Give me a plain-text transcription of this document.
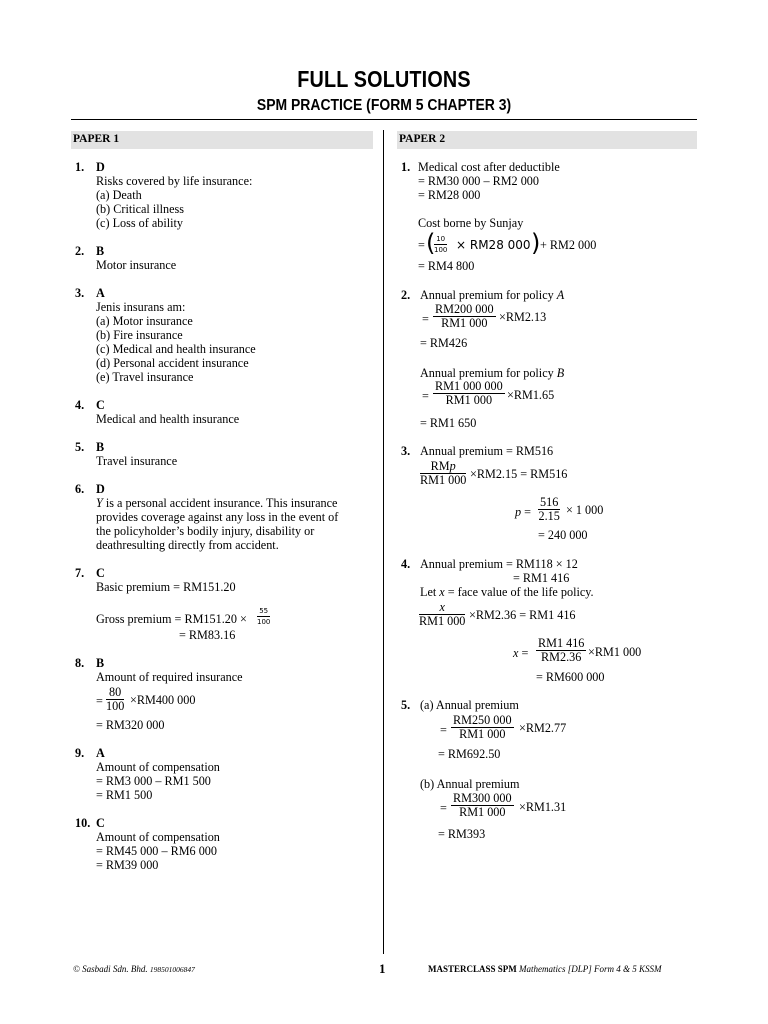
FULL SOLUTIONS
SPM PRACTICE (FORM 5 CHAPTER 3)
PAPER 1
1. D
Risks covered by life insurance:
(a) Death
(b) Critical illness
(c) Loss of ability
2. B
Motor insurance
3. A
Jenis insurans am:
(a) Motor insurance
(b) Fire insurance
(c) Medical and health insurance
(d) Personal accident insurance
(e) Travel insurance
4. C
Medical and health insurance
5. B
Travel insurance
6. D
Y is a personal accident insurance. This insurance
provides coverage against any loss in the event of
the policyholder’s bodily injury, disability or
deathresulting directly from accident.
7. C
Basic premium = RM151.20
Gross premium = $RM151.20 \times \frac{55}{100}$
= RM83.16
8. B
Amount of required insurance
= $\frac{80}{100} \times RM400$ 000
= RM320 000
9. A
Amount of compensation
= RM3 000 – RM1 500
= RM1 500
10. C
Amount of compensation
= RM45 000 – RM6 000
= RM39 000
PAPER 2
1. Medical cost after deductible
= RM30 000 – RM2 000
= RM28 000
Cost borne by Sunjay
= (
$\frac{10}{100} \times RM28$ 000 ) + RM2 000
= RM4 800
2. Annual premium for policy A
= $\frac{RM200 000}{RM1 000} \times RM2.13$
= RM426
Annual premium for policy B
= $\frac{RM1 000 000}{RM1 000} \times RM1.65$
= RM1 650
3. Annual premium = RM516
RMp
RM1 000 ×RM2.15 = RM516
$p = \frac{516}{2.15} \times 1$ 000
= 240 000
4. Annual premium = RM118 × 12
= RM1 416
Let x = face value of the life policy.
$\frac{x}{RM1 000} \times RM2.36 = RM1$ 416
$x = \frac{RM1 416}{RM2.36} \times RM1$ 000
= RM600 000
5. (a) Annual premium
= $\frac{RM250 000}{RM1 000} \times RM2.77$
= RM692.50
(b) Annual premium
= $\frac{RM300 000}{RM1 000} \times RM1.31$
= RM393
© Sasbadi Sdn. Bhd. 198501006847	1	MASTERCLASS SPM Mathematics [DLP] Form 4 & 5 KSSM
